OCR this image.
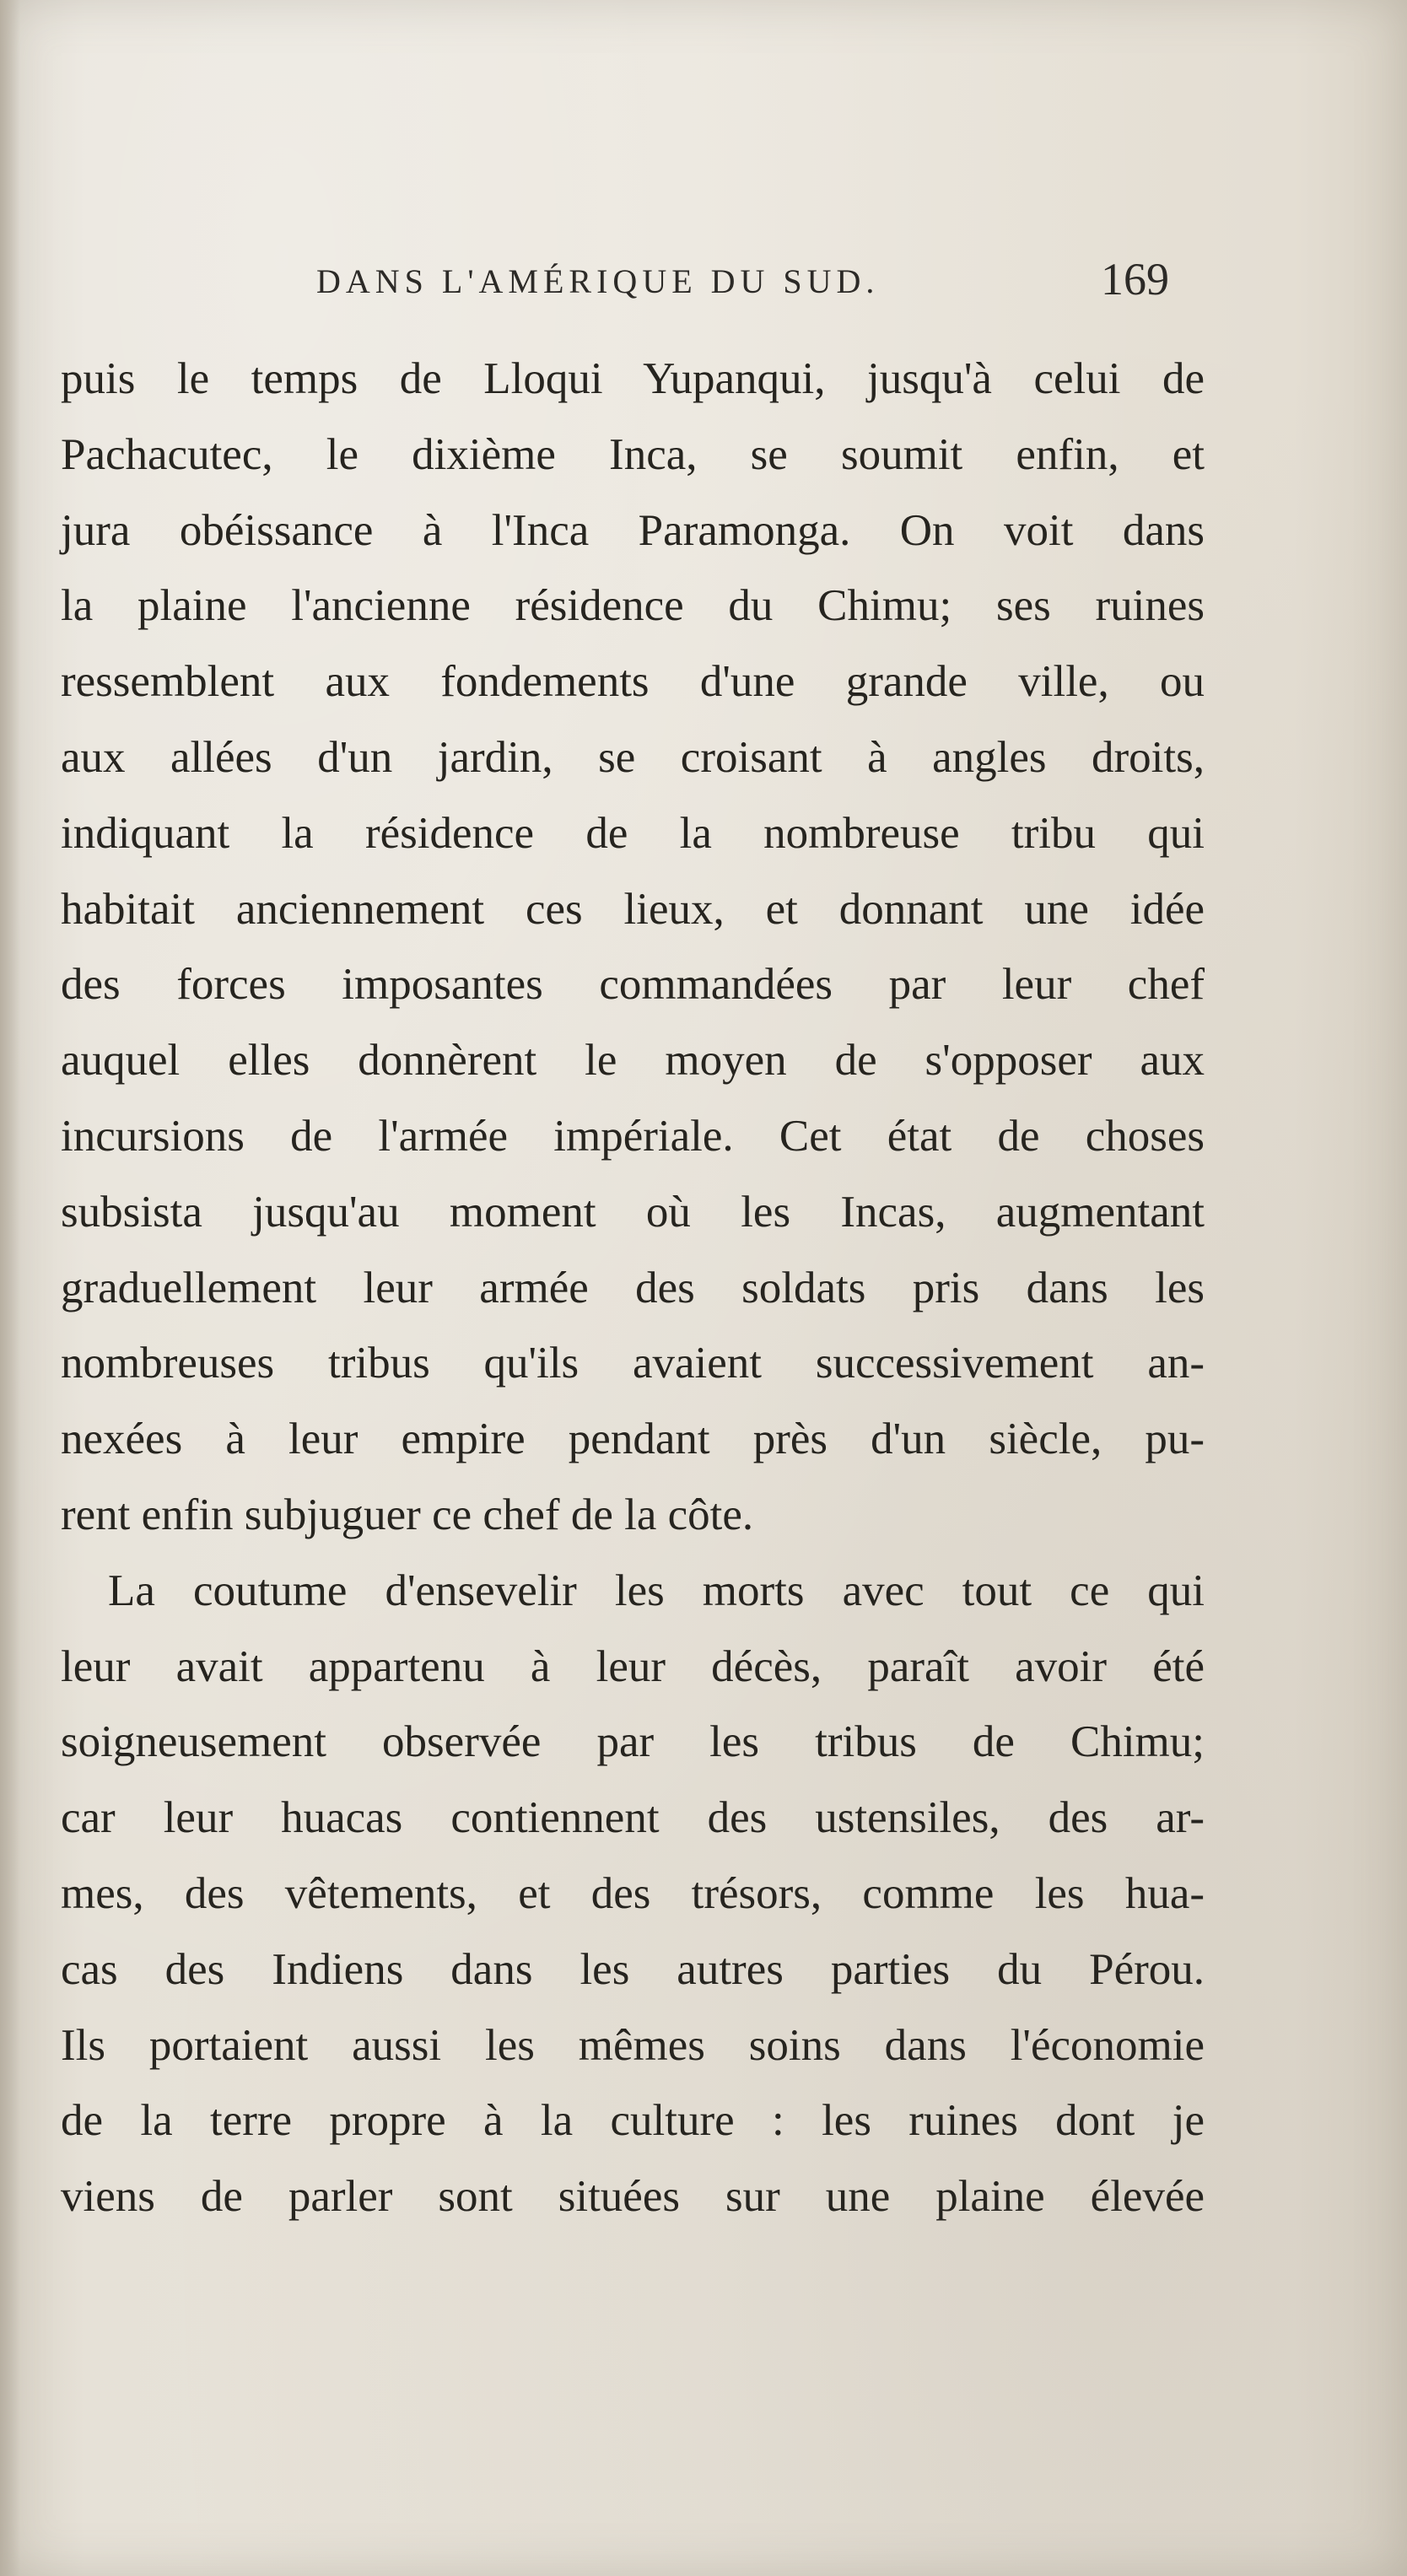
DANS L'AMÉRIQUE DU SUD.	169
puis le temps de Lloqui Yupanqui, jusqu'à celui de
Pachacutec, le dixième Inca, se soumit enfin, et
jura obéissance à l'Inca Paramonga. On voit dans
la plaine l'ancienne résidence du Chimu; ses ruines
ressemblent aux fondements d'une grande ville, ou
aux allées d'un jardin, se croisant à angles droits,
indiquant la résidence de la nombreuse tribu qui
habitait anciennement ces lieux, et donnant une idée
des forces imposantes commandées par leur chef
auquel elles donnèrent le moyen de s'opposer aux
incursions de l'armée impériale. Cet état de choses
subsista jusqu'au moment où les Incas, augmentant
graduellement leur armée des soldats pris dans les
nombreuses tribus qu'ils avaient successivement an-
nexées à leur empire pendant près d'un siècle, pu-
rent enfin subjuguer ce chef de la côte.
La coutume d'ensevelir les morts avec tout ce qui
leur avait appartenu à leur décès, paraît avoir été
soigneusement observée par les tribus de Chimu;
car leur huacas contiennent des ustensiles, des ar-
mes, des vêtements, et des trésors, comme les hua-
cas des Indiens dans les autres parties du Pérou.
Ils portaient aussi les mêmes soins dans l'économie
de la terre propre à la culture : les ruines dont je
viens de parler sont situées sur une plaine élevée
